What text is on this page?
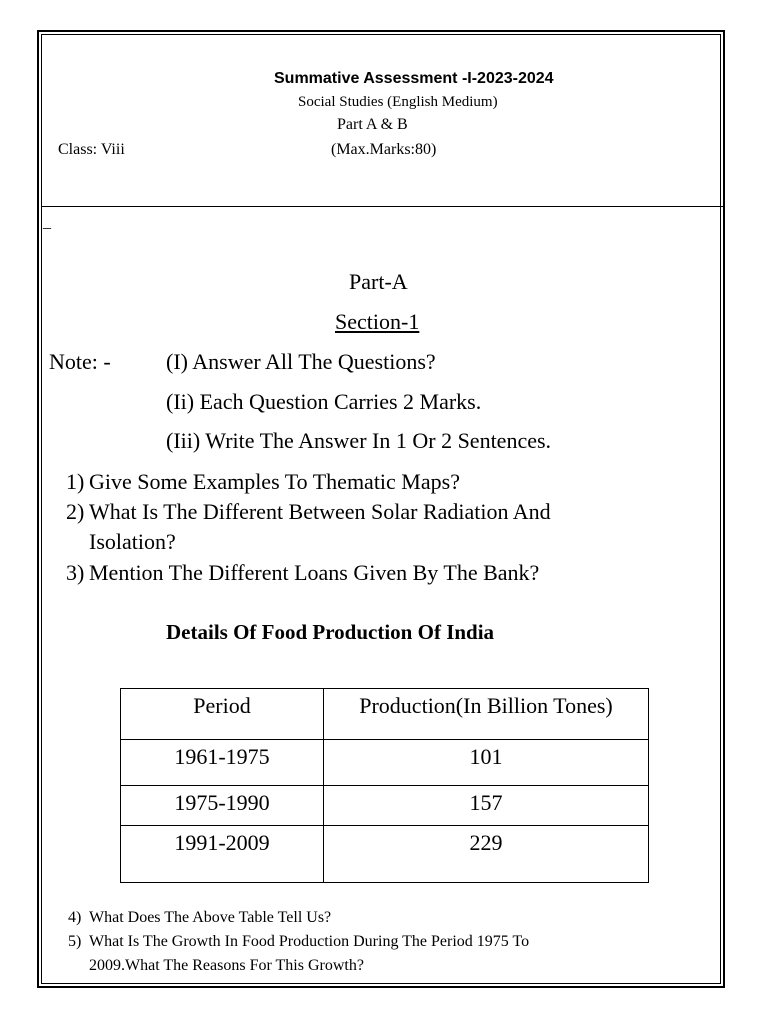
Summative Assessment -I-2023-2024
Social Studies (English Medium)
Part A & B
Class: Viii	(Max.Marks:80)
_
Part-A
Section-1
Note: -	(I) Answer All The Questions?
(Ii) Each Question Carries 2 Marks.
(Iii) Write The Answer In 1 Or 2 Sentences.
1) Give Some Examples To Thematic Maps?
2) What Is The Different Between Solar Radiation And
Isolation?
3) Mention The Different Loans Given By The Bank?
Details Of Food Production Of India
Period	Production(In Billion Tones)
1961-1975	101
1975-1990	157
1991-2009	229
4) What Does The Above Table Tell Us?
5) What Is The Growth In Food Production During The Period 1975 To
2009.What The Reasons For This Growth?
